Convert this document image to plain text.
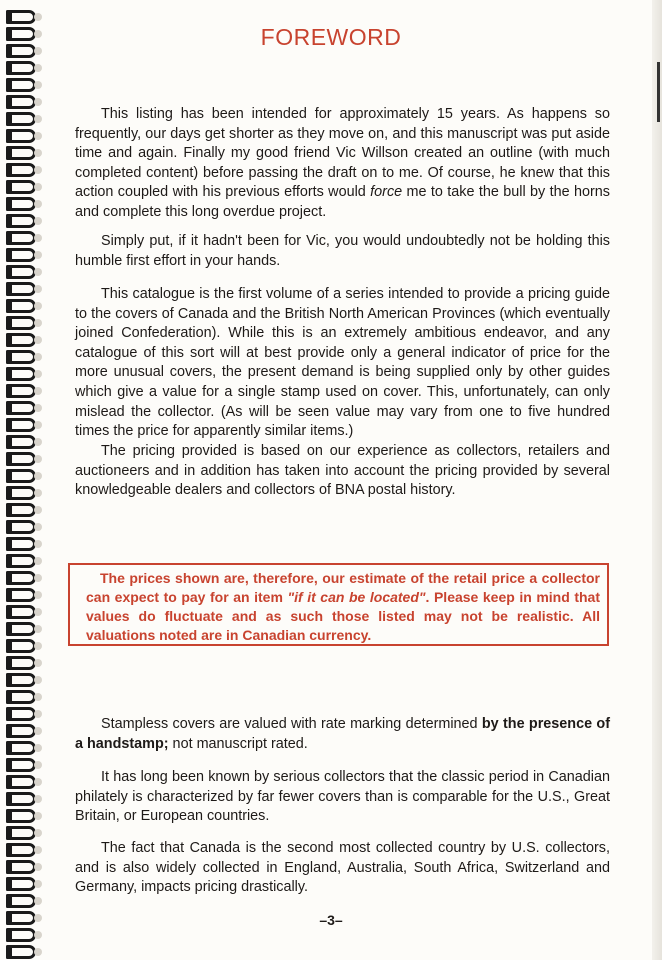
FOREWORD

This listing has been intended for approximately 15 years. As happens so frequently, our days get shorter as they move on, and this manuscript was put aside time and again. Finally my good friend Vic Willson created an outline (with much completed content) before passing the draft on to me. Of course, he knew that this action coupled with his previous efforts would force me to take the bull by the horns and complete this long overdue project.

Simply put, if it hadn't been for Vic, you would undoubtedly not be holding this humble first effort in your hands.

This catalogue is the first volume of a series intended to provide a pricing guide to the covers of Canada and the British North American Provinces (which eventually joined Confederation). While this is an extremely ambitious endeavor, and any catalogue of this sort will at best provide only a general indicator of price for the more unusual covers, the present demand is being supplied only by other guides which give a value for a single stamp used on cover. This, unfortunately, can only mislead the collector. (As will be seen value may vary from one to five hundred times the price for apparently similar items.)

The pricing provided is based on our experience as collectors, retailers and auctioneers and in addition has taken into account the pricing provided by several knowledgeable dealers and collectors of BNA postal history.

The prices shown are, therefore, our estimate of the retail price a collector can expect to pay for an item "if it can be located". Please keep in mind that values do fluctuate and as such those listed may not be realistic. All valuations noted are in Canadian currency.

Stampless covers are valued with rate marking determined by the presence of a handstamp; not manuscript rated.

It has long been known by serious collectors that the classic period in Canadian philately is characterized by far fewer covers than is comparable for the U.S., Great Britain, or European countries.

The fact that Canada is the second most collected country by U.S. collectors, and is also widely collected in England, Australia, South Africa, Switzerland and Germany, impacts pricing drastically.

–3–
